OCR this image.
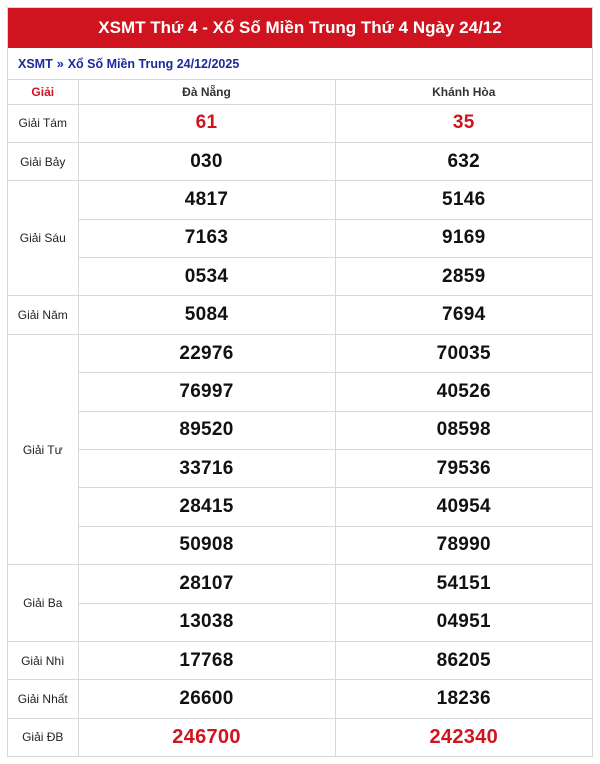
XSMT Thứ 4 - Xổ Số Miền Trung Thứ 4 Ngày 24/12
XSMT » Xổ Số Miền Trung 24/12/2025
Giải	Đà Nẵng	Khánh Hòa
Giải Tám	61	35
Giải Bảy	030	632
Giải Sáu	4817	5146
	7163	9169
	0534	2859
Giải Năm	5084	7694
Giải Tư	22976	70035
	76997	40526
	89520	08598
	33716	79536
	28415	40954
	50908	78990
Giải Ba	28107	54151
	13038	04951
Giải Nhì	17768	86205
Giải Nhất	26600	18236
Giải ĐB	246700	242340
